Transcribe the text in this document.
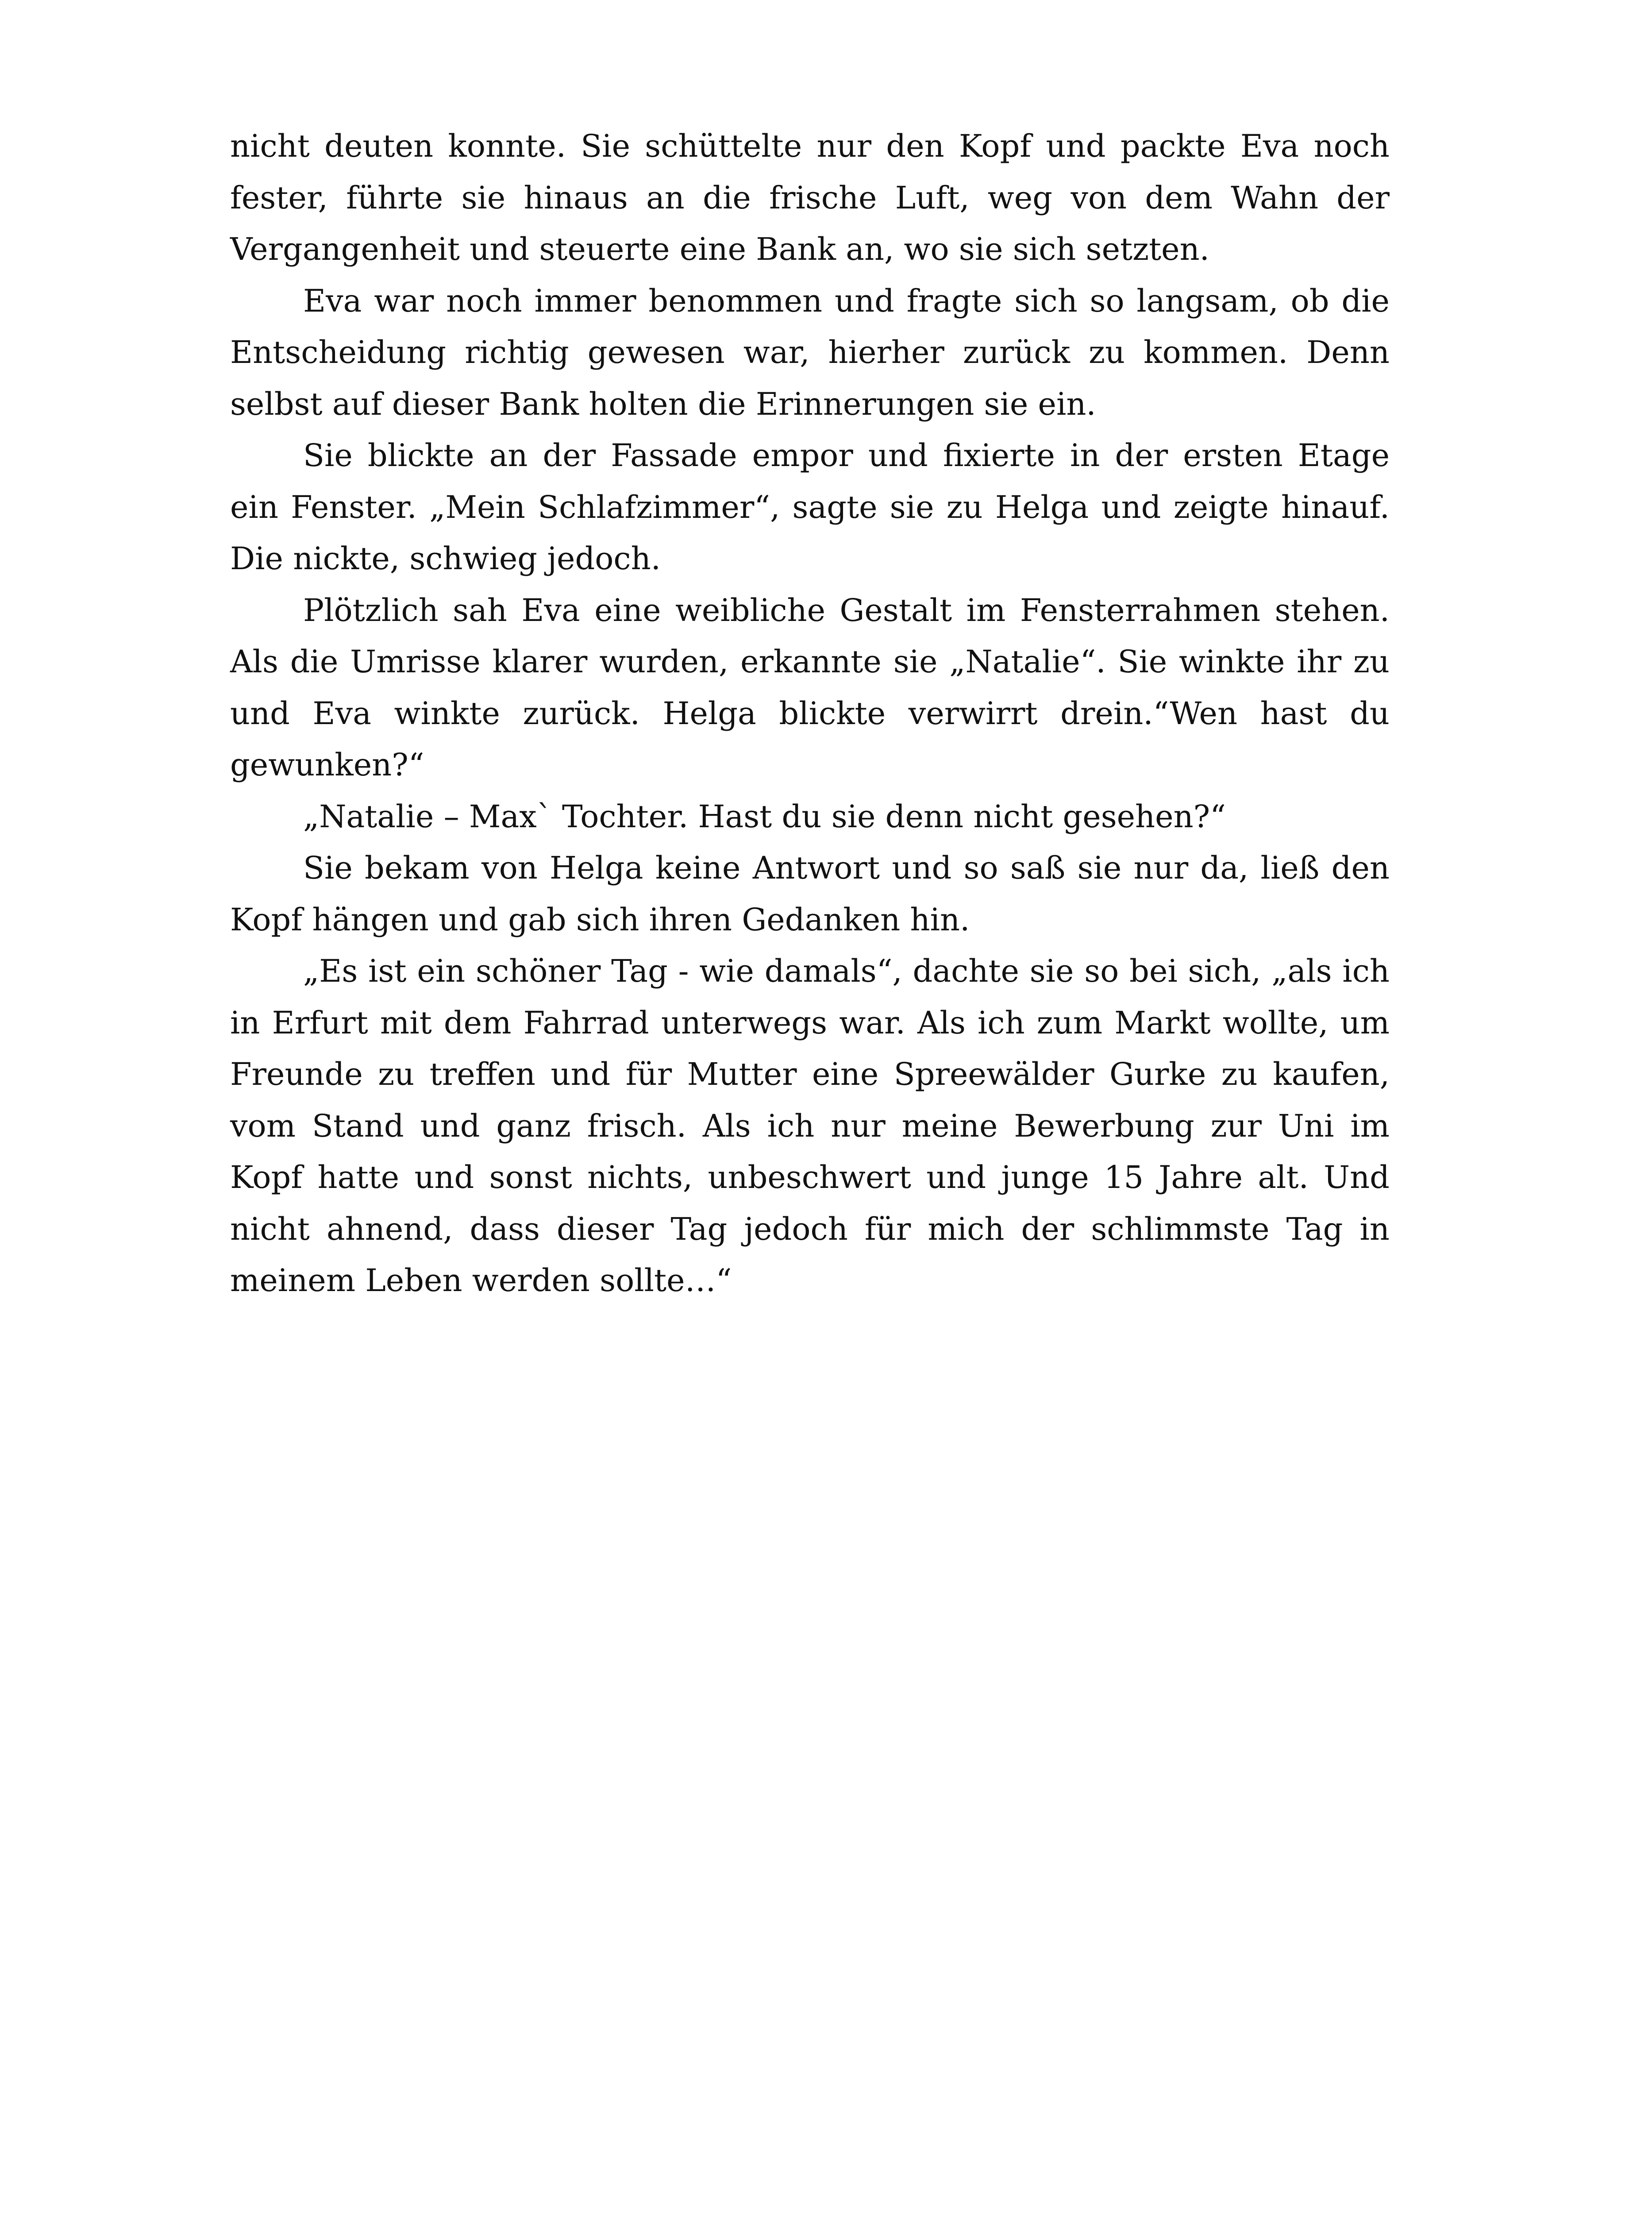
nicht deuten konnte. Sie schüttelte nur den Kopf und packte Eva noch fester, führte sie hinaus an die frische Luft, weg von dem Wahn der Vergangenheit und steuerte eine Bank an, wo sie sich setzten.

Eva war noch immer benommen und fragte sich so langsam, ob die Entscheidung richtig gewesen war, hierher zurück zu kommen. Denn selbst auf dieser Bank holten die Erinnerungen sie ein.

Sie blickte an der Fassade empor und fixierte in der ersten Etage ein Fenster. „Mein Schlafzimmer“, sagte sie zu Helga und zeigte hinauf. Die nickte, schwieg jedoch.

Plötzlich sah Eva eine weibliche Gestalt im Fensterrahmen stehen. Als die Umrisse klarer wurden, erkannte sie „Natalie“. Sie winkte ihr zu und Eva winkte zurück. Helga blickte verwirrt drein.“Wen hast du gewunken?“

„Natalie – Max` Tochter. Hast du sie denn nicht gesehen?“

Sie bekam von Helga keine Antwort und so saß sie nur da, ließ den Kopf hängen und gab sich ihren Gedanken hin.

„Es ist ein schöner Tag - wie damals“, dachte sie so bei sich, „als ich in Erfurt mit dem Fahrrad unterwegs war. Als ich zum Markt wollte, um Freunde zu treffen und für Mutter eine Spreewälder Gurke zu kaufen, vom Stand und ganz frisch. Als ich nur meine Bewerbung zur Uni im Kopf hatte und sonst nichts, unbeschwert und junge 15 Jahre alt. Und nicht ahnend, dass dieser Tag jedoch für mich der schlimmste Tag in meinem Leben werden sollte…“
